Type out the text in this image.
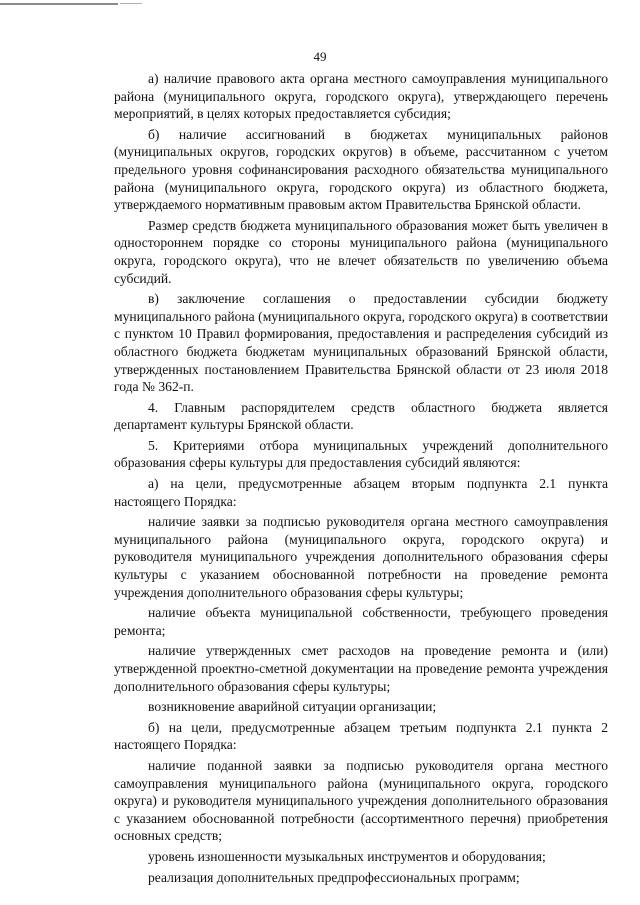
49

а) наличие правового акта органа местного самоуправления муниципального района (муниципального округа, городского округа), утверждающего перечень мероприятий, в целях которых предоставляется субсидия;

б) наличие ассигнований в бюджетах муниципальных районов (муниципальных округов, городских округов) в объеме, рассчитанном с учетом предельного уровня софинансирования расходного обязательства муниципального района (муниципального округа, городского округа) из областного бюджета, утверждаемого нормативным правовым актом Правительства Брянской области.

Размер средств бюджета муниципального образования может быть увеличен в одностороннем порядке со стороны муниципального района (муниципального округа, городского округа), что не влечет обязательств по увеличению объема субсидий.

в) заключение соглашения о предоставлении субсидии бюджету муниципального района (муниципального округа, городского округа) в соответствии с пунктом 10 Правил формирования, предоставления и распределения субсидий из областного бюджета бюджетам муниципальных образований Брянской области, утвержденных постановлением Правительства Брянской области от 23 июля 2018 года № 362-п.

4. Главным распорядителем средств областного бюджета является департамент культуры Брянской области.

5. Критериями отбора муниципальных учреждений дополнительного образования сферы культуры для предоставления субсидий являются:

а) на цели, предусмотренные абзацем вторым подпункта 2.1 пункта настоящего Порядка:

наличие заявки за подписью руководителя органа местного самоуправления муниципального района (муниципального округа, городского округа) и руководителя муниципального учреждения дополнительного образования сферы культуры с указанием обоснованной потребности на проведение ремонта учреждения дополнительного образования сферы культуры;

наличие объекта муниципальной собственности, требующего проведения ремонта;

наличие утвержденных смет расходов на проведение ремонта и (или) утвержденной проектно-сметной документации на проведение ремонта учреждения дополнительного образования сферы культуры;

возникновение аварийной ситуации организации;

б) на цели, предусмотренные абзацем третьим подпункта 2.1 пункта 2 настоящего Порядка:

наличие поданной заявки за подписью руководителя органа местного самоуправления муниципального района (муниципального округа, городского округа) и руководителя муниципального учреждения дополнительного образования с указанием обоснованной потребности (ассортиментного перечня) приобретения основных средств;

уровень изношенности музыкальных инструментов и оборудования;

реализация дополнительных предпрофессиональных программ;
